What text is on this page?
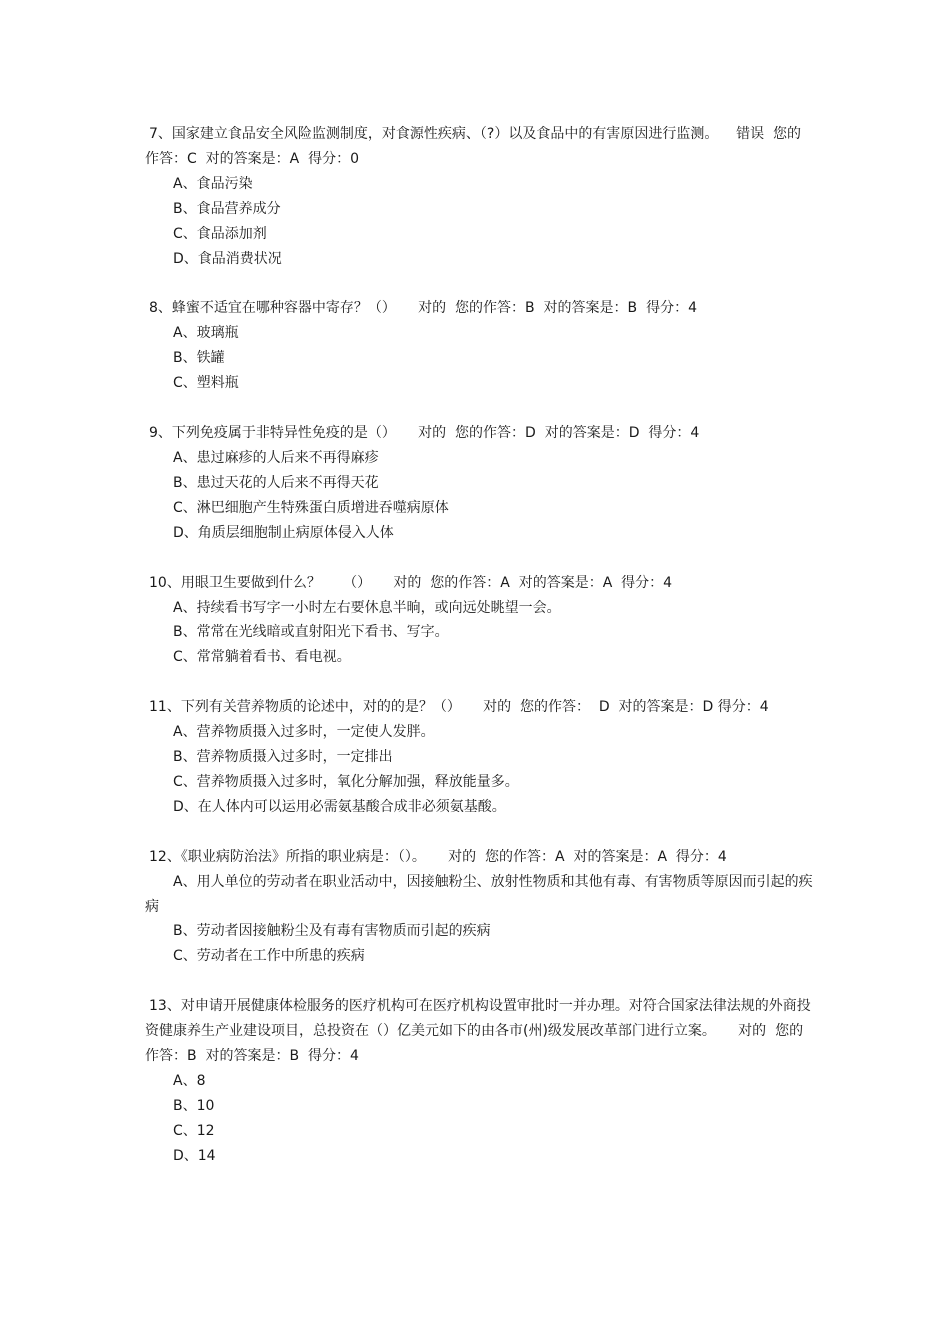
7、国家建立食品安全风险监测制度，对食源性疾病、（?）以及食品中的有害原因进行监测。    错误  您的作答：C  对的答案是：A  得分：0
A、食品污染
B、食品营养成分
C、食品添加剂
D、食品消费状况
8、蜂蜜不适宜在哪种容器中寄存？（）     对的  您的作答：B  对的答案是：B  得分：4
A、玻璃瓶
B、铁罐
C、塑料瓶
9、下列免疫属于非特异性免疫的是（）     对的  您的作答：D  对的答案是：D  得分：4
A、患过麻疹的人后来不再得麻疹
B、患过天花的人后来不再得天花
C、淋巴细胞产生特殊蛋白质增进吞噬病原体
D、角质层细胞制止病原体侵入人体
10、用眼卫生要做到什么？     （）     对的  您的作答：A  对的答案是：A  得分：4
A、持续看书写字一小时左右要休息半晌，或向远处眺望一会。
B、常常在光线暗或直射阳光下看书、写字。
C、常常躺着看书、看电视。
11、下列有关营养物质的论述中，对的的是？（）     对的  您的作答：  D  对的答案是：D 得分：4
A、营养物质摄入过多时，一定使人发胖。
B、营养物质摄入过多时，一定排出
C、营养物质摄入过多时，氧化分解加强，释放能量多。
D、在人体内可以运用必需氨基酸合成非必须氨基酸。
12、《职业病防治法》所指的职业病是：（）。     对的  您的作答：A  对的答案是：A  得分：4
A、用人单位的劳动者在职业活动中，因接触粉尘、放射性物质和其他有毒、有害物质等原因而引起的疾病
B、劳动者因接触粉尘及有毒有害物质而引起的疾病
C、劳动者在工作中所患的疾病
13、对申请开展健康体检服务的医疗机构可在医疗机构设置审批时一并办理。对符合国家法律法规的外商投资健康养生产业建设项目，总投资在（）亿美元如下的由各市(州)级发展改革部门进行立案。     对的  您的作答：B  对的答案是：B  得分：4
A、8
B、10
C、12
D、14
